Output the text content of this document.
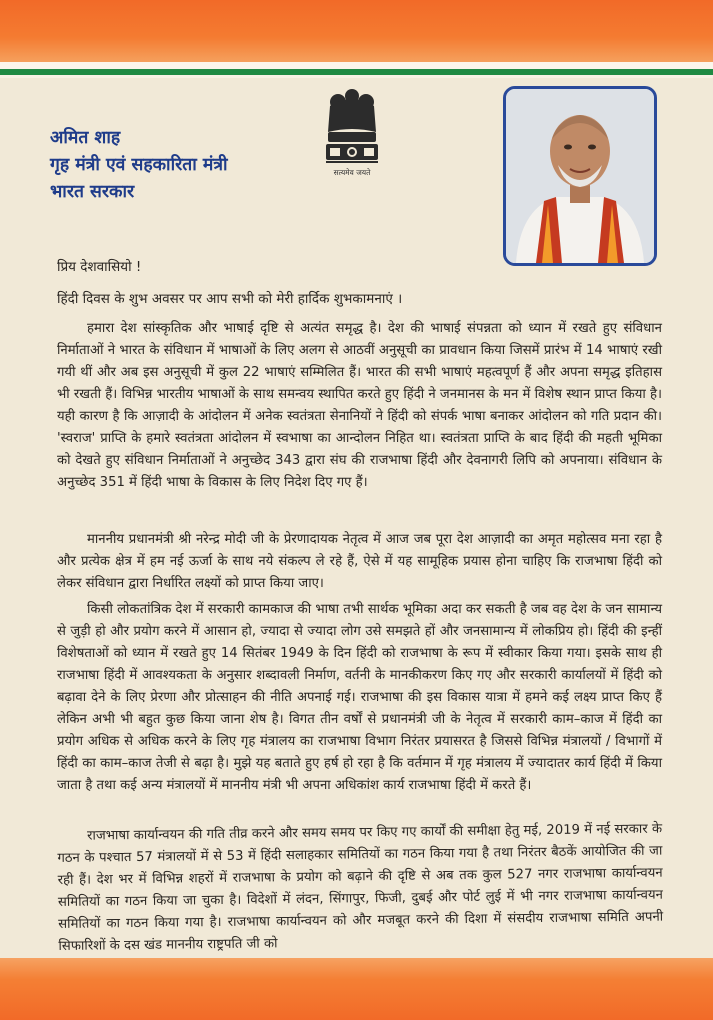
अमित शाह
गृह मंत्री एवं सहकारिता मंत्री
भारत सरकार
सत्यमेव जयते
प्रिय देशवासियो !
हिंदी दिवस के शुभ अवसर पर आप सभी को मेरी हार्दिक शुभकामनाएं ।
हमारा देश सांस्कृतिक और भाषाई दृष्टि से अत्यंत समृद्ध है। देश की भाषाई संपन्नता को ध्यान में रखते हुए संविधान निर्माताओं ने भारत के संविधान में भाषाओं के लिए अलग से आठवीं अनुसूची का प्रावधान किया जिसमें प्रारंभ में 14 भाषाएं रखी गयी थीं और अब इस अनुसूची में कुल 22 भाषाएं सम्मिलित हैं। भारत की सभी भाषाएं महत्वपूर्ण हैं और अपना समृद्ध इतिहास भी रखती हैं। विभिन्न भारतीय भाषाओं के साथ समन्वय स्थापित करते हुए हिंदी ने जनमानस के मन में विशेष स्थान प्राप्त किया है। यही कारण है कि आज़ादी के आंदोलन में अनेक स्वतंत्रता सेनानियों ने हिंदी को संपर्क भाषा बनाकर आंदोलन को गति प्रदान की। 'स्वराज' प्राप्ति के हमारे स्वतंत्रता आंदोलन में स्वभाषा का आन्दोलन निहित था। स्वतंत्रता प्राप्ति के बाद हिंदी की महती भूमिका को देखते हुए संविधान निर्माताओं ने अनुच्छेद 343 द्वारा संघ की राजभाषा हिंदी और देवनागरी लिपि को अपनाया। संविधान के अनुच्छेद 351 में हिंदी भाषा के विकास के लिए निदेश दिए गए हैं।
माननीय प्रधानमंत्री श्री नरेन्द्र मोदी जी के प्रेरणादायक नेतृत्व में आज जब पूरा देश आज़ादी का अमृत महोत्सव मना रहा है और प्रत्येक क्षेत्र में हम नई ऊर्जा के साथ नये संकल्प ले रहे हैं, ऐसे में यह सामूहिक प्रयास होना चाहिए कि राजभाषा हिंदी को लेकर संविधान द्वारा निर्धारित लक्ष्यों को प्राप्त किया जाए।
किसी लोकतांत्रिक देश में सरकारी कामकाज की भाषा तभी सार्थक भूमिका अदा कर सकती है जब वह देश के जन सामान्य से जुड़ी हो और प्रयोग करने में आसान हो, ज्यादा से ज्यादा लोग उसे समझते हों और जनसामान्य में लोकप्रिय हो। हिंदी की इन्हीं विशेषताओं को ध्यान में रखते हुए 14 सितंबर 1949 के दिन हिंदी को राजभाषा के रूप में स्वीकार किया गया। इसके साथ ही राजभाषा हिंदी में आवश्यकता के अनुसार शब्दावली निर्माण, वर्तनी के मानकीकरण किए गए और सरकारी कार्यालयों में हिंदी को बढ़ावा देने के लिए प्रेरणा और प्रोत्साहन की नीति अपनाई गई। राजभाषा की इस विकास यात्रा में हमने कई लक्ष्य प्राप्त किए हैं लेकिन अभी भी बहुत कुछ किया जाना शेष है। विगत तीन वर्षों से प्रधानमंत्री जी के नेतृत्व में सरकारी काम–काज में हिंदी का प्रयोग अधिक से अधिक करने के लिए गृह मंत्रालय का राजभाषा विभाग निरंतर प्रयासरत है जिससे विभिन्न मंत्रालयों / विभागों में हिंदी का काम–काज तेजी से बढ़ा है। मुझे यह बताते हुए हर्ष हो रहा है कि वर्तमान में गृह मंत्रालय में ज्यादातर कार्य हिंदी में किया जाता है तथा कई अन्य मंत्रालयों में माननीय मंत्री भी अपना अधिकांश कार्य राजभाषा हिंदी में करते हैं।
राजभाषा कार्यान्वयन की गति तीव्र करने और समय समय पर किए गए कार्यों की समीक्षा हेतु मई, 2019 में नई सरकार के गठन के पश्चात 57 मंत्रालयों में से 53 में हिंदी सलाहकार समितियों का गठन किया गया है तथा निरंतर बैठकें आयोजित की जा रही हैं। देश भर में विभिन्न शहरों में राजभाषा के प्रयोग को बढ़ाने की दृष्टि से अब तक कुल 527 नगर राजभाषा कार्यान्वयन समितियों का गठन किया जा चुका है। विदेशों में लंदन, सिंगापुर, फिजी, दुबई और पोर्ट लुई में भी नगर राजभाषा कार्यान्वयन समितियों का गठन किया गया है। राजभाषा कार्यान्वयन को और मजबूत करने की दिशा में संसदीय राजभाषा समिति अपनी सिफारिशों के दस खंड माननीय राष्ट्रपति जी को
